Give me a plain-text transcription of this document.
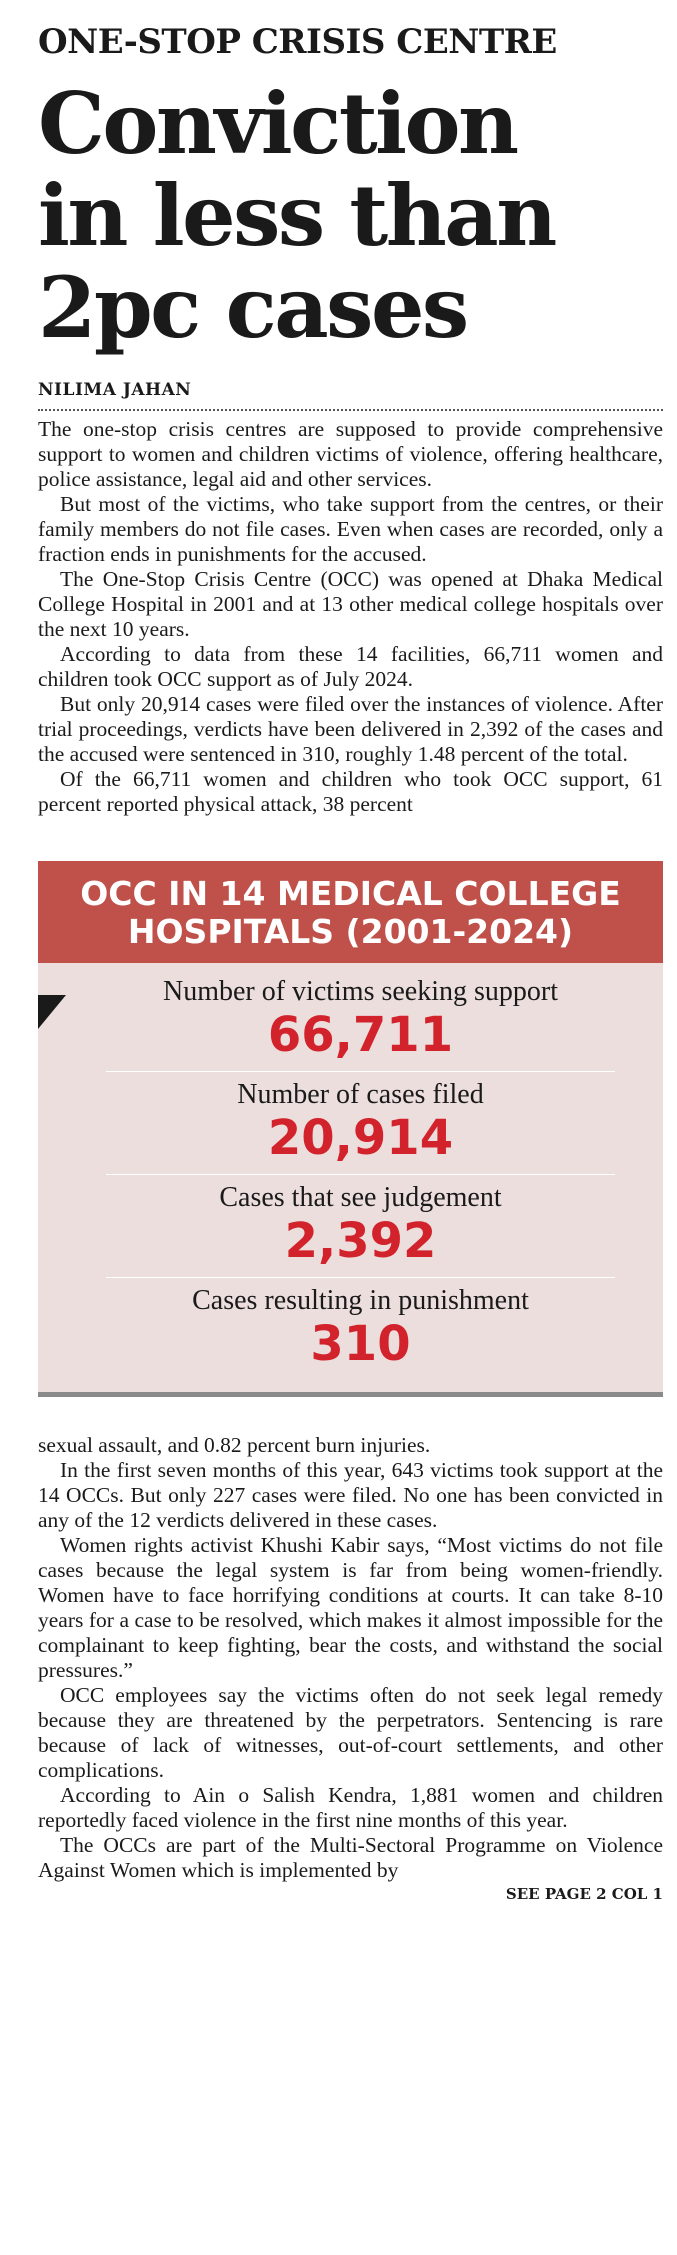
ONE-STOP CRISIS CENTRE
Conviction
in less than
2pc cases
NILIMA JAHAN

The one-stop crisis centres are supposed to provide comprehensive support to women and children victims of violence, offering healthcare, police assistance, legal aid and other services.

But most of the victims, who take support from the centres, or their family members do not file cases. Even when cases are recorded, only a fraction ends in punishments for the accused.

The One-Stop Crisis Centre (OCC) was opened at Dhaka Medical College Hospital in 2001 and at 13 other medical college hospitals over the next 10 years.

According to data from these 14 facilities, 66,711 women and children took OCC support as of July 2024.

But only 20,914 cases were filed over the instances of violence. After trial proceedings, verdicts have been delivered in 2,392 of the cases and the accused were sentenced in 310, roughly 1.48 percent of the total.

Of the 66,711 women and children who took OCC support, 61 percent reported physical attack, 38 percent

OCC IN 14 MEDICAL COLLEGE
HOSPITALS (2001-2024)
Number of victims seeking support
66,711
Number of cases filed
20,914
Cases that see judgement
2,392
Cases resulting in punishment
310

sexual assault, and 0.82 percent burn injuries.

In the first seven months of this year, 643 victims took support at the 14 OCCs. But only 227 cases were filed. No one has been convicted in any of the 12 verdicts delivered in these cases.

Women rights activist Khushi Kabir says, “Most victims do not file cases because the legal system is far from being women-friendly. Women have to face horrifying conditions at courts. It can take 8-10 years for a case to be resolved, which makes it almost impossible for the complainant to keep fighting, bear the costs, and withstand the social pressures.”

OCC employees say the victims often do not seek legal remedy because they are threatened by the perpetrators. Sentencing is rare because of lack of witnesses, out-of-court settlements, and other complications.

According to Ain o Salish Kendra, 1,881 women and children reportedly faced violence in the first nine months of this year.

The OCCs are part of the Multi-Sectoral Programme on Violence Against Women which is implemented by

SEE PAGE 2 COL 1
